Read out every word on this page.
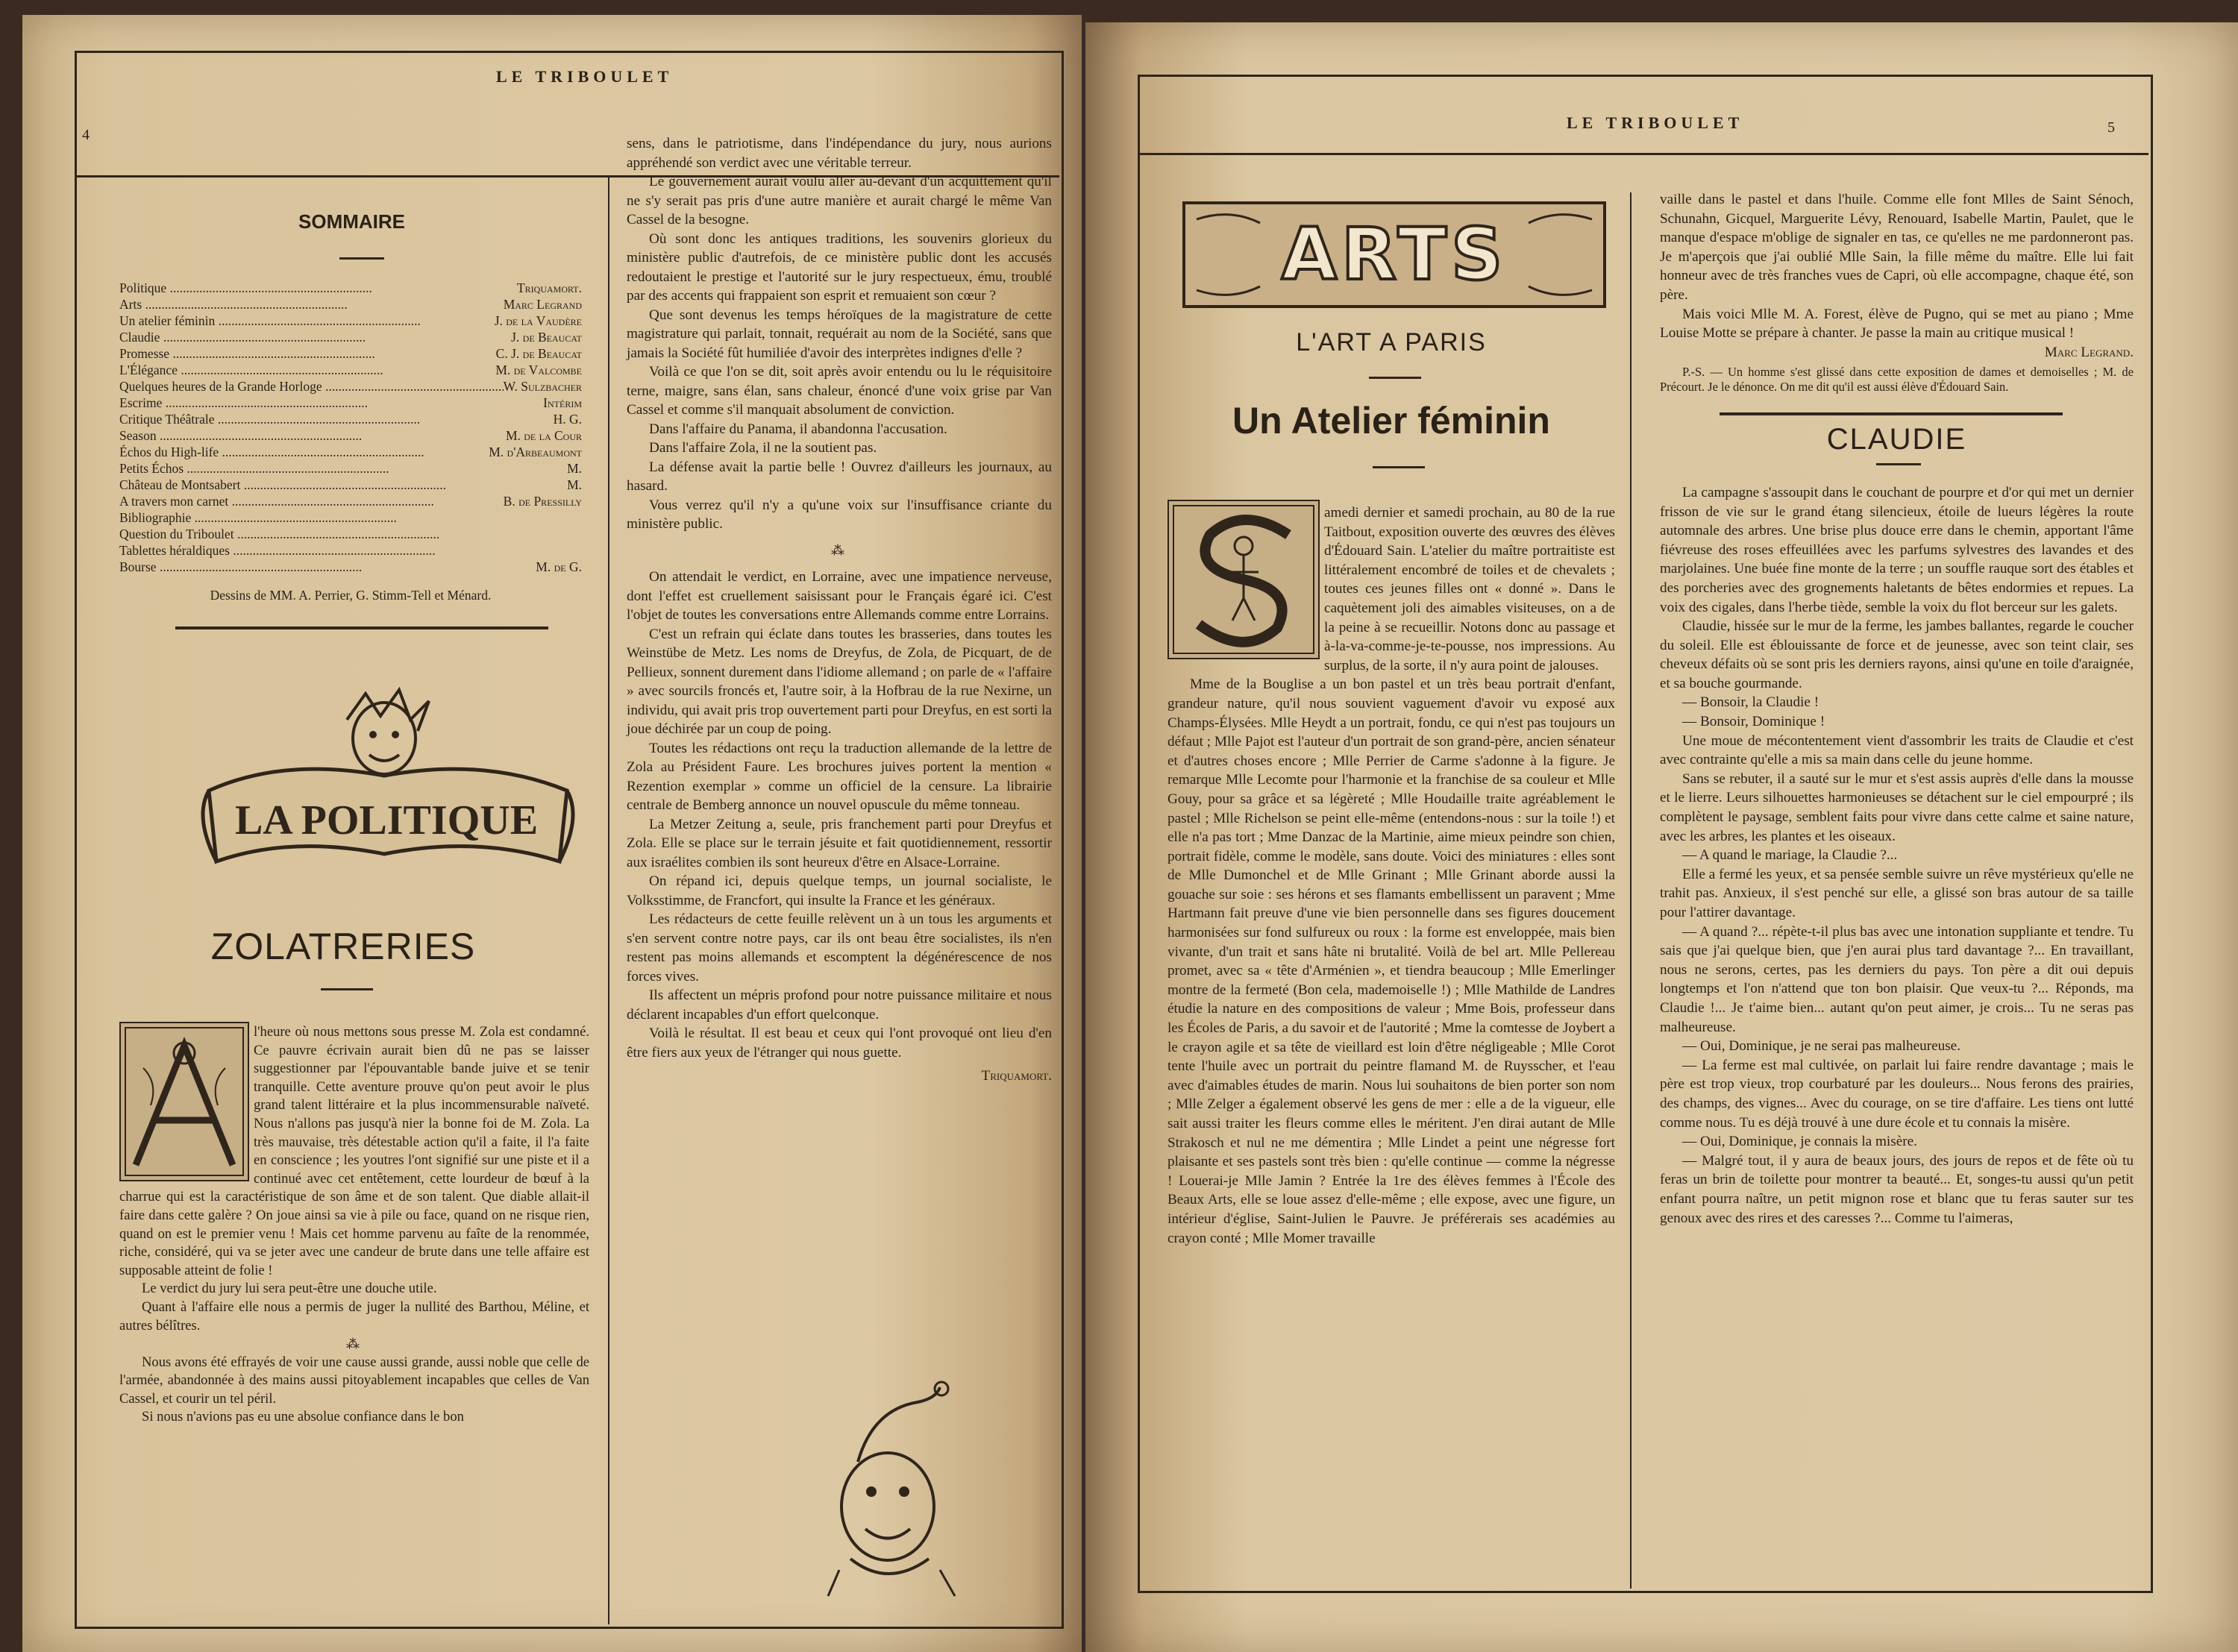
LE TRIBOULET
4
SOMMAIRE
Politique .....	Triquamort.
Arts .....	Marc Legrand
Un atelier féminin .....	J. de la Vaudère
Claudie .....	J. de Beaucat
Promesse .....	C. J. de Beaucat
L'Élégance .....	M. de Valcombe
Quelques heures de la Grande Horloge .....	W. Sulzbacher
Escrime .....	Intérim
Critique Théâtrale .....	H. G.
Season .....	M. de la Cour
Échos du High-life .....	M. d'Arbeaumont
Petits Échos .....	M.
Château de Montsabert .....	M.
A travers mon carnet .....	B. de Pressilly
Bibliographie .....
Question du Triboulet .....
Tablettes héraldiques .....
Bourse .....	M. de G.
Dessins de MM. A. Perrier, G. Stimm-Tell et Ménard.
LA POLITIQUE
ZOLATRERIES

l'heure où nous mettons sous presse M. Zola est condamné. Ce pauvre écrivain aurait bien dû ne pas se laisser suggestionner par l'épouvantable bande juive et se tenir tranquille. Cette aventure prouve qu'on peut avoir le plus grand talent littéraire et la plus incommensurable naïveté. Nous n'allons pas jusqu'à nier la bonne foi de M. Zola. La très mauvaise, très détestable action qu'il a faite, il l'a faite en conscience ; les youtres l'ont signifié sur une piste et il a continué avec cet entêtement, cette lourdeur de bœuf à la charrue qui est la caractéristique de son âme et de son talent. Que diable allait-il faire dans cette galère ? On joue ainsi sa vie à pile ou face, quand on ne risque rien, quand on est le premier venu ! Mais cet homme parvenu au faîte de la renommée, riche, considéré, qui va se jeter avec une candeur de brute dans une telle affaire est supposable atteint de folie !

Le verdict du jury lui sera peut-être une douche utile.

Quant à l'affaire elle nous a permis de juger la nullité des Barthou, Méline, et autres bélîtres.

⁂

Nous avons été effrayés de voir une cause aussi grande, aussi noble que celle de l'armée, abandonnée à des mains aussi pitoyablement incapables que celles de Van Cassel, et courir un tel péril.

Si nous n'avions pas eu une absolue confiance dans le bon

sens, dans le patriotisme, dans l'indépendance du jury, nous aurions appréhendé son verdict avec une véritable terreur.

Le gouvernement aurait voulu aller au-devant d'un acquittement qu'il ne s'y serait pas pris d'une autre manière et aurait chargé le même Van Cassel de la besogne.

Où sont donc les antiques traditions, les souvenirs glorieux du ministère public d'autrefois, de ce ministère public dont les accusés redoutaient le prestige et l'autorité sur le jury respectueux, ému, troublé par des accents qui frappaient son esprit et remuaient son cœur ?

Que sont devenus les temps héroïques de la magistrature de cette magistrature qui parlait, tonnait, requérait au nom de la Société, sans que jamais la Société fût humiliée d'avoir des interprètes indignes d'elle ?

Voilà ce que l'on se dit, soit après avoir entendu ou lu le réquisitoire terne, maigre, sans élan, sans chaleur, énoncé d'une voix grise par Van Cassel et comme s'il manquait absolument de conviction.

Dans l'affaire du Panama, il abandonna l'accusation.

Dans l'affaire Zola, il ne la soutient pas.

La défense avait la partie belle ! Ouvrez d'ailleurs les journaux, au hasard.

Vous verrez qu'il n'y a qu'une voix sur l'insuffisance criante du ministère public.

⁂

On attendait le verdict, en Lorraine, avec une impatience nerveuse, dont l'effet est cruellement saisissant pour le Français égaré ici. C'est l'objet de toutes les conversations entre Allemands comme entre Lorrains.

C'est un refrain qui éclate dans toutes les brasseries, dans toutes les Weinstübe de Metz. Les noms de Dreyfus, de Zola, de Picquart, de de Pellieux, sonnent durement dans l'idiome allemand ; on parle de « l'affaire » avec sourcils froncés et, l'autre soir, à la Hofbrau de la rue Nexirne, un individu, qui avait pris trop ouvertement parti pour Dreyfus, en est sorti la joue déchirée par un coup de poing.

Toutes les rédactions ont reçu la traduction allemande de la lettre de Zola au Président Faure. Les brochures juives portent la mention « Rezention exemplar » comme un officiel de la censure. La librairie centrale de Bemberg annonce un nouvel opuscule du même tonneau.

La Metzer Zeitung a, seule, pris franchement parti pour Dreyfus et Zola. Elle se place sur le terrain jésuite et fait quotidiennement, ressortir aux israélites combien ils sont heureux d'être en Alsace-Lorraine.

On répand ici, depuis quelque temps, un journal socialiste, le Volksstimme, de Francfort, qui insulte la France et les généraux.

Les rédacteurs de cette feuille relèvent un à un tous les arguments et s'en servent contre notre pays, car ils ont beau être socialistes, ils n'en restent pas moins allemands et escomptent la dégénérescence de nos forces vives.

Ils affectent un mépris profond pour notre puissance militaire et nous déclarent incapables d'un effort quelconque.

Voilà le résultat. Il est beau et ceux qui l'ont provoqué ont lieu d'en être fiers aux yeux de l'étranger qui nous guette.

Triquamort.
LE TRIBOULET	5
ARTS
L'ART A PARIS
Un Atelier féminin

amedi dernier et samedi prochain, au 80 de la rue Taitbout, exposition ouverte des œuvres des élèves d'Édouard Sain. L'atelier du maître portraitiste est littéralement encombré de toiles et de chevalets ; toutes ces jeunes filles ont « donné ». Dans le caquètement joli des aimables visiteuses, on a de la peine à se recueillir. Notons donc au passage et à-la-va-comme-je-te-pousse, nos impressions. Au surplus, de la sorte, il n'y aura point de jalouses.

Mme de la Bouglise a un bon pastel et un très beau portrait d'enfant, grandeur nature, qu'il nous souvient vaguement d'avoir vu exposé aux Champs-Élysées. Mlle Heydt a un portrait, fondu, ce qui n'est pas toujours un défaut ; Mlle Pajot est l'auteur d'un portrait de son grand-père, ancien sénateur et d'autres choses encore ; Mlle Perrier de Carme s'adonne à la figure. Je remarque Mlle Lecomte pour l'harmonie et la franchise de sa couleur et Mlle Gouy, pour sa grâce et sa légèreté ; Mlle Houdaille traite agréablement le pastel ; Mlle Richelson se peint elle-même (entendons-nous : sur la toile !) et elle n'a pas tort ; Mme Danzac de la Martinie, aime mieux peindre son chien, portrait fidèle, comme le modèle, sans doute. Voici des miniatures : elles sont de Mlle Dumonchel et de Mlle Grinant ; Mlle Grinant aborde aussi la gouache sur soie : ses hérons et ses flamants embellissent un paravent ; Mme Hartmann fait preuve d'une vie bien personnelle dans ses figures doucement harmonisées sur fond sulfureux ou roux : la forme est enveloppée, mais bien vivante, d'un trait et sans hâte ni brutalité. Voilà de bel art. Mlle Pellereau promet, avec sa « tête d'Arménien », et tiendra beaucoup ; Mlle Emerlinger montre de la fermeté (Bon cela, mademoiselle !) ; Mlle Mathilde de Landres étudie la nature en des compositions de valeur ; Mme Bois, professeur dans les Écoles de Paris, a du savoir et de l'autorité ; Mme la comtesse de Joybert a le crayon agile et sa tête de vieillard est loin d'être négligeable ; Mlle Corot tente l'huile avec un portrait du peintre flamand M. de Ruysscher, et l'eau avec d'aimables études de marin. Nous lui souhaitons de bien porter son nom ; Mlle Zelger a également observé les gens de mer : elle a de la vigueur, elle sait aussi traiter les fleurs comme elles le méritent. J'en dirai autant de Mlle Strakosch et nul ne me démentira ; Mlle Lindet a peint une négresse fort plaisante et ses pastels sont très bien : qu'elle continue — comme la négresse ! Louerai-je Mlle Jamin ? Entrée la 1re des élèves femmes à l'École des Beaux Arts, elle se loue assez d'elle-même ; elle expose, avec une figure, un intérieur d'église, Saint-Julien le Pauvre. Je préférerais ses académies au crayon conté ; Mlle Momer travaille

vaille dans le pastel et dans l'huile. Comme elle font Mlles de Saint Sénoch, Schunahn, Gicquel, Marguerite Lévy, Renouard, Isabelle Martin, Paulet, que le manque d'espace m'oblige de signaler en tas, ce qu'elles ne me pardonneront pas. Je m'aperçois que j'ai oublié Mlle Sain, la fille même du maître. Elle lui fait honneur avec de très franches vues de Capri, où elle accompagne, chaque été, son père.

Mais voici Mlle M. A. Forest, élève de Pugno, qui se met au piano ; Mme Louise Motte se prépare à chanter. Je passe la main au critique musical !

Marc Legrand.

P.-S. — Un homme s'est glissé dans cette exposition de dames et demoiselles ; M. de Précourt. Je le dénonce. On me dit qu'il est aussi élève d'Édouard Sain.

CLAUDIE

La campagne s'assoupit dans le couchant de pourpre et d'or qui met un dernier frisson de vie sur le grand étang silencieux, étoile de lueurs légères la route automnale des arbres. Une brise plus douce erre dans le chemin, apportant l'âme fiévreuse des roses effeuillées avec les parfums sylvestres des lavandes et des marjolaines. Une buée fine monte de la terre ; un souffle rauque sort des étables et des porcheries avec des grognements haletants de bêtes endormies et repues. La voix des cigales, dans l'herbe tiède, semble la voix du flot berceur sur les galets.

Claudie, hissée sur le mur de la ferme, les jambes ballantes, regarde le coucher du soleil. Elle est éblouissante de force et de jeunesse, avec son teint clair, ses cheveux défaits où se sont pris les derniers rayons, ainsi qu'une en toile d'araignée, et sa bouche gourmande.

— Bonsoir, la Claudie !

— Bonsoir, Dominique !

Une moue de mécontentement vient d'assombrir les traits de Claudie et c'est avec contrainte qu'elle a mis sa main dans celle du jeune homme.

Sans se rebuter, il a sauté sur le mur et s'est assis auprès d'elle dans la mousse et le lierre. Leurs silhouettes harmonieuses se détachent sur le ciel empourpré ; ils complètent le paysage, semblent faits pour vivre dans cette calme et saine nature, avec les arbres, les plantes et les oiseaux.

— A quand le mariage, la Claudie ?...

Elle a fermé les yeux, et sa pensée semble suivre un rêve mystérieux qu'elle ne trahit pas. Anxieux, il s'est penché sur elle, a glissé son bras autour de sa taille pour l'attirer davantage.

— A quand ?... répète-t-il plus bas avec une intonation suppliante et tendre. Tu sais que j'ai quelque bien, que j'en aurai plus tard davantage ?... En travaillant, nous ne serons, certes, pas les derniers du pays. Ton père a dit oui depuis longtemps et l'on n'attend que ton bon plaisir. Que veux-tu ?... Réponds, ma Claudie !... Je t'aime bien... autant qu'on peut aimer, je crois... Tu ne seras pas malheureuse.

— Oui, Dominique, je ne serai pas malheureuse.

— La ferme est mal cultivée, on parlait lui faire rendre davantage ; mais le père est trop vieux, trop courbaturé par les douleurs... Nous ferons des prairies, des champs, des vignes... Avec du courage, on se tire d'affaire. Les tiens ont lutté comme nous. Tu es déjà trouvé à une dure école et tu connais la misère.

— Oui, Dominique, je connais la misère.

— Malgré tout, il y aura de beaux jours, des jours de repos et de fête où tu feras un brin de toilette pour montrer ta beauté... Et, songes-tu aussi qu'un petit enfant pourra naître, un petit mignon rose et blanc que tu feras sauter sur tes genoux avec des rires et des caresses ?... Comme tu l'aimeras,
